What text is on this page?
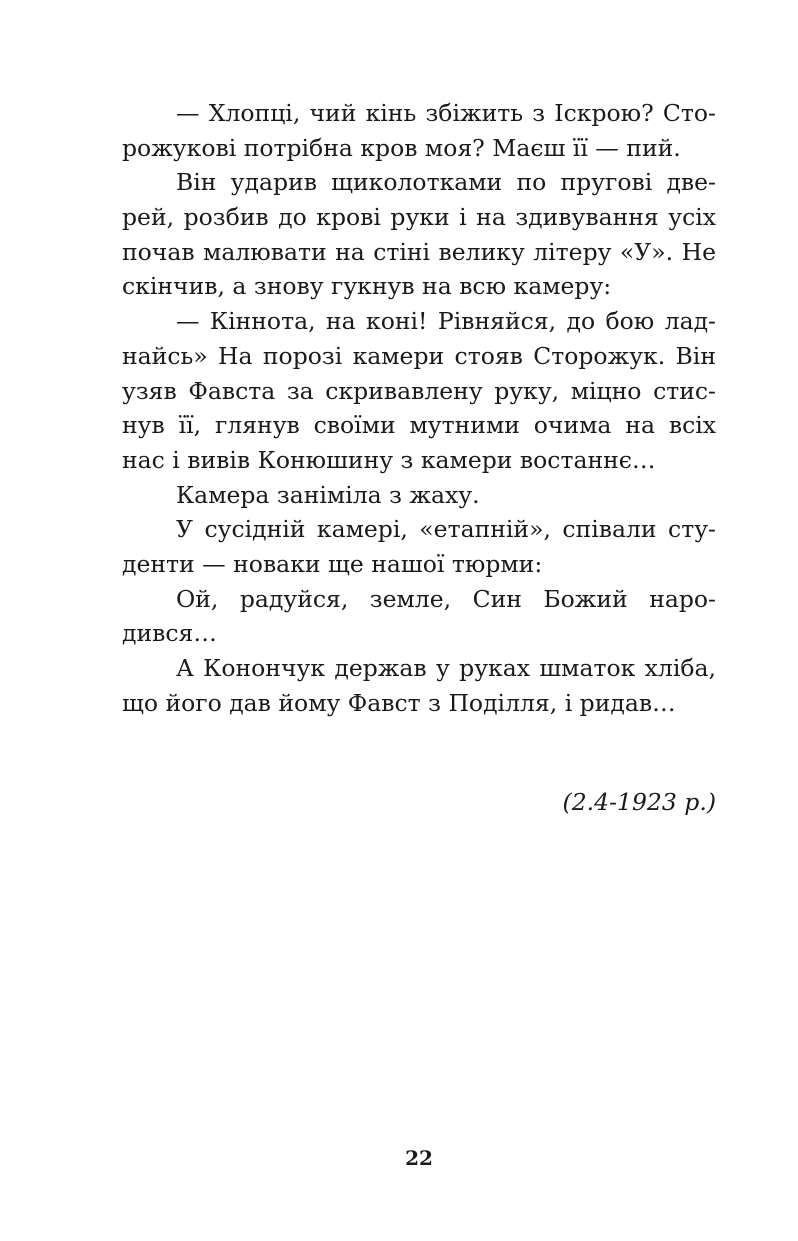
— Хлопці, чий кінь збіжить з Іскрою? Сто-
рожукові потрібна кров моя? Маєш її — пий.
Він ударив щиколотками по пругові две-
рей, розбив до крові руки і на здивування усіх
почав малювати на стіні велику літеру «У». Не
скінчив, а знову гукнув на всю камеру:
— Кіннота, на коні! Рівняйся, до бою лад-
найсь» На порозі камери стояв Сторожук. Він
узяв Фавста за скривавлену руку, міцно стис-
нув її, глянув своїми мутними очима на всіх
нас і вивів Конюшину з камери востаннє…
Камера заніміла з жаху.
У сусідній камері, «етапній», співали сту-
денти — новаки ще нашої тюрми:
Ой, радуйся, земле, Син Божий наро-
дився…
А Конончук держав у руках шматок хліба,
що його дав йому Фавст з Поділля, і ридав…
(2.4-1923 р.)
22
